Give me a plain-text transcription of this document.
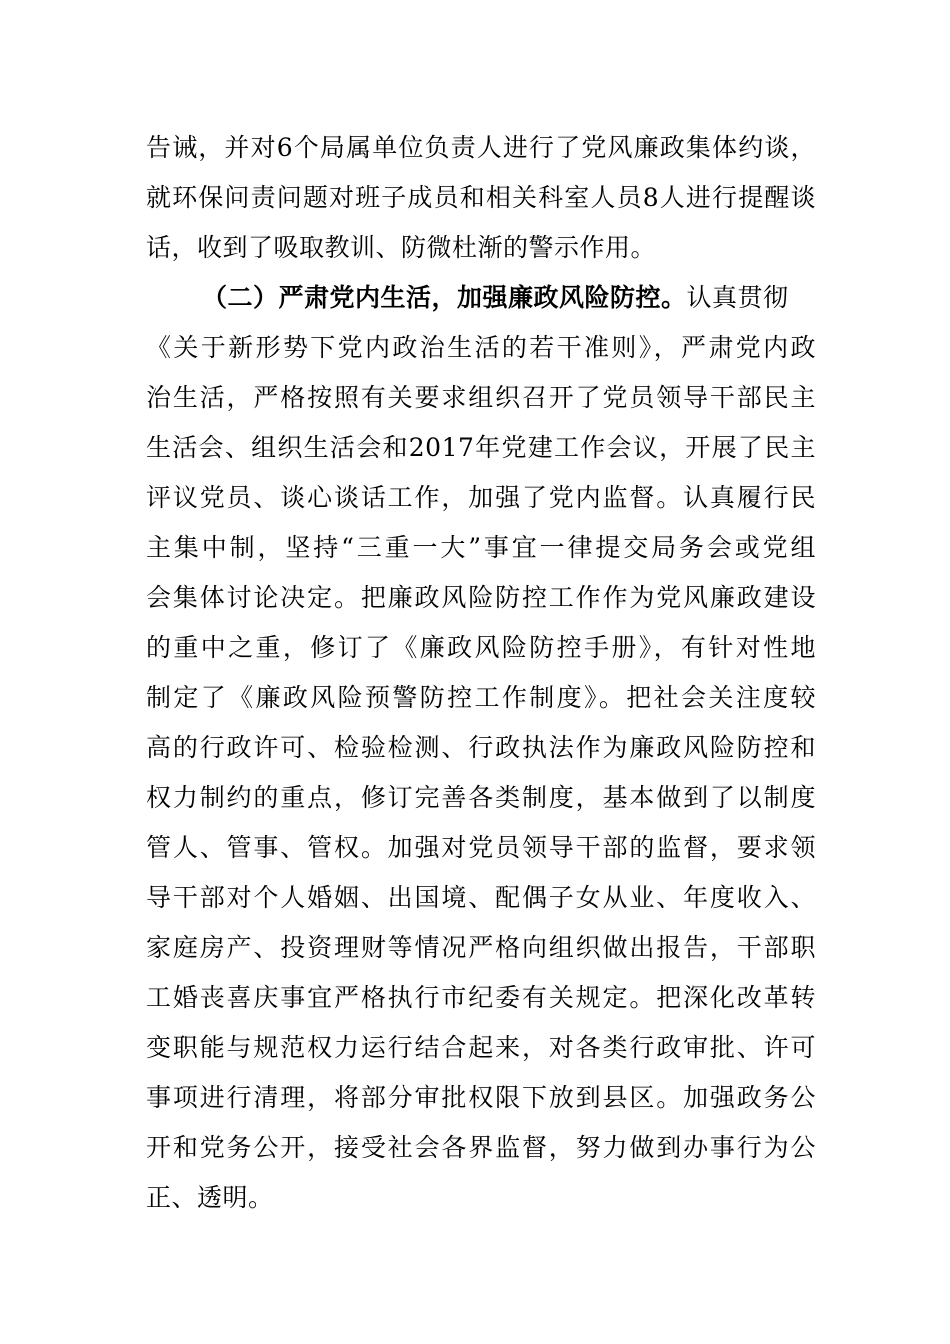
告诫，并对6个局属单位负责人进行了党风廉政集体约谈，
就环保问责问题对班子成员和相关科室人员8人进行提醒谈
话，收到了吸取教训、防微杜渐的警示作用。
（二）严肃党内生活，加强廉政风险防控。认真贯彻
《关于新形势下党内政治生活的若干准则》，严肃党内政
治生活，严格按照有关要求组织召开了党员领导干部民主
生活会、组织生活会和2017年党建工作会议，开展了民主
评议党员、谈心谈话工作，加强了党内监督。认真履行民
主集中制，坚持“三重一大”事宜一律提交局务会或党组
会集体讨论决定。把廉政风险防控工作作为党风廉政建设
的重中之重，修订了《廉政风险防控手册》，有针对性地
制定了《廉政风险预警防控工作制度》。把社会关注度较
高的行政许可、检验检测、行政执法作为廉政风险防控和
权力制约的重点，修订完善各类制度，基本做到了以制度
管人、管事、管权。加强对党员领导干部的监督，要求领
导干部对个人婚姻、出国境、配偶子女从业、年度收入、
家庭房产、投资理财等情况严格向组织做出报告，干部职
工婚丧喜庆事宜严格执行市纪委有关规定。把深化改革转
变职能与规范权力运行结合起来，对各类行政审批、许可
事项进行清理，将部分审批权限下放到县区。加强政务公
开和党务公开，接受社会各界监督，努力做到办事行为公
正、透明。
